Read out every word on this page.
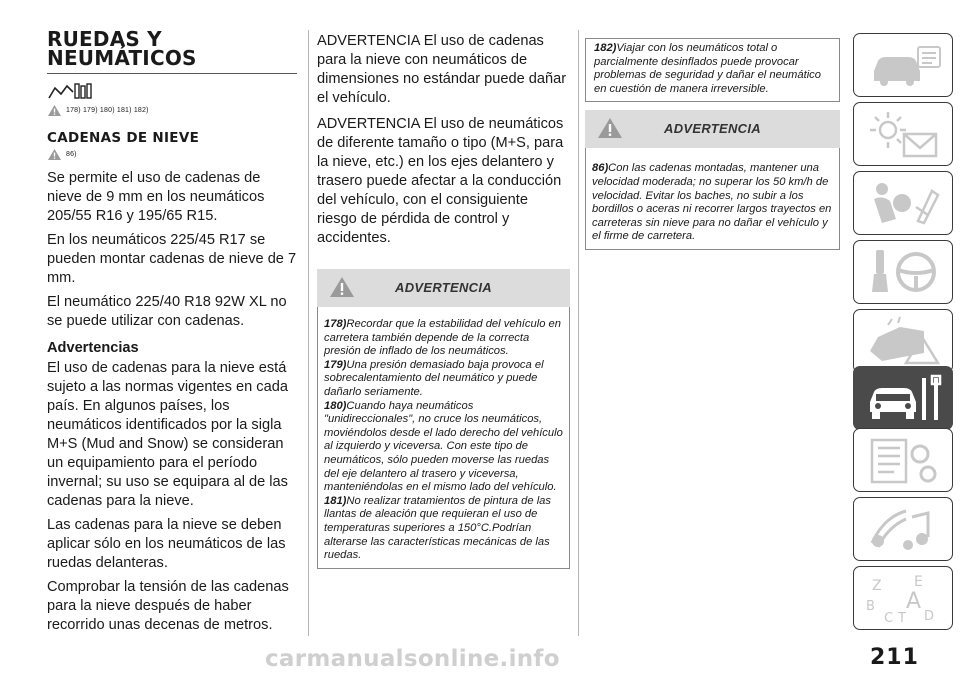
RUEDAS Y
NEUMÁTICOS
178) 179) 180) 181) 182)
CADENAS DE NIEVE
86)
Se permite el uso de cadenas de nieve de 9 mm en los neumáticos 205/55 R16 y 195/65 R15.
En los neumáticos 225/45 R17 se pueden montar cadenas de nieve de 7 mm.
El neumático 225/40 R18 92W XL no se puede utilizar con cadenas.
Advertencias
El uso de cadenas para la nieve está sujeto a las normas vigentes en cada país. En algunos países, los neumáticos identificados por la sigla M+S (Mud and Snow) se consideran un equipamiento para el período invernal; su uso se equipara al de las cadenas para la nieve.
Las cadenas para la nieve se deben aplicar sólo en los neumáticos de las ruedas delanteras.
Comprobar la tensión de las cadenas para la nieve después de haber recorrido unas decenas de metros.
ADVERTENCIA El uso de cadenas para la nieve con neumáticos de dimensiones no estándar puede dañar el vehículo.
ADVERTENCIA El uso de neumáticos de diferente tamaño o tipo (M+S, para la nieve, etc.) en los ejes delantero y trasero puede afectar a la conducción del vehículo, con el consiguiente riesgo de pérdida de control y accidentes.
ADVERTENCIA
178)Recordar que la estabilidad del vehículo en carretera también depende de la correcta presión de inflado de los neumáticos.
179)Una presión demasiado baja provoca el sobrecalentamiento del neumático y puede dañarlo seriamente.
180)Cuando haya neumáticos "unidireccionales", no cruce los neumáticos, moviéndolos desde el lado derecho del vehículo al izquierdo y viceversa. Con este tipo de neumáticos, sólo pueden moverse las ruedas del eje delantero al trasero y viceversa, manteniéndolas en el mismo lado del vehículo.
181)No realizar tratamientos de pintura de las llantas de aleación que requieran el uso de temperaturas superiores a 150°C.Podrían alterarse las características mecánicas de las ruedas.
182)Viajar con los neumáticos total o parcialmente desinflados puede provocar problemas de seguridad y dañar el neumático en cuestión de manera irreversible.
ADVERTENCIA
86)Con las cadenas montadas, mantener una velocidad moderada; no superar los 50 km/h de velocidad. Evitar los baches, no subir a los bordillos o aceras ni recorrer largos trayectos en carreteras sin nieve para no dañar el vehículo y el firme de carretera.
Z E
B A
C T D
211
carmanualsonline.info
